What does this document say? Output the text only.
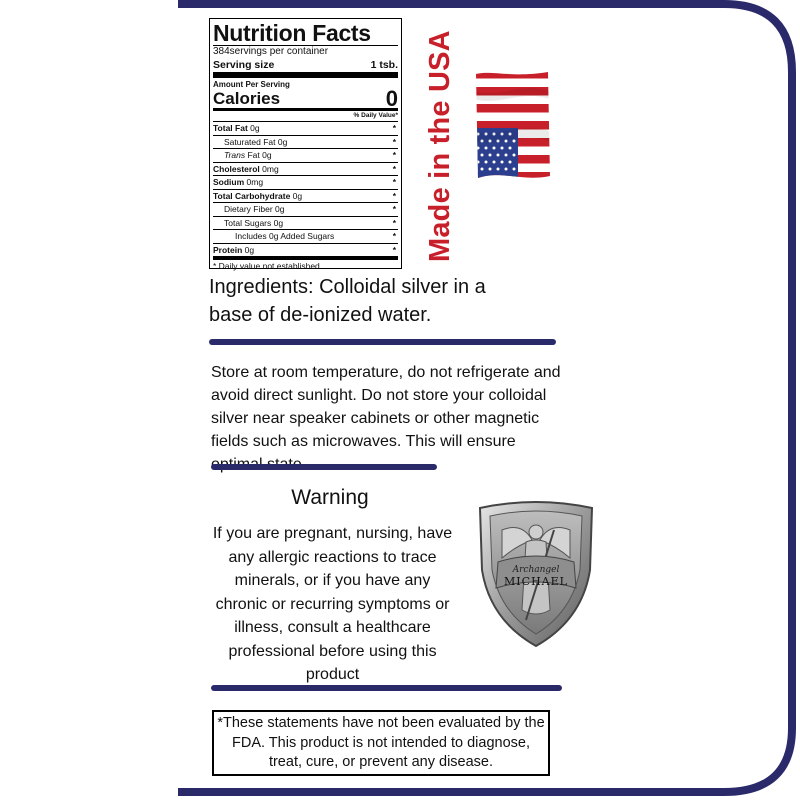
Nutrition Facts
384servings per container
Serving size	1 tsb.
Amount Per Serving
Calories	0
% Daily Value*
Total Fat 0g	*
Saturated Fat 0g	*
Trans Fat 0g	*
Cholesterol 0mg	*
Sodium 0mg	*
Total Carbohydrate 0g	*
Dietary Fiber 0g	*
Total Sugars 0g	*
Includes 0g Added Sugars	*
Protein 0g	*
* Daily value not established
Made in the USA
Ingredients: Colloidal silver in a base of de-ionized water.
Store at room temperature, do not refrigerate and avoid direct sunlight. Do not store your colloidal silver near speaker cabinets or other magnetic fields such as microwaves. This will ensure
Warning
If you are pregnant, nursing, have any allergic reactions to trace minerals, or if you have any chronic or recurring symptoms or illness, consult a healthcare professional before using this product
Archangel
MICHAEL
*These statements have not been evaluated by the FDA. This product is not intended to diagnose, treat, cure, or prevent any disease.
